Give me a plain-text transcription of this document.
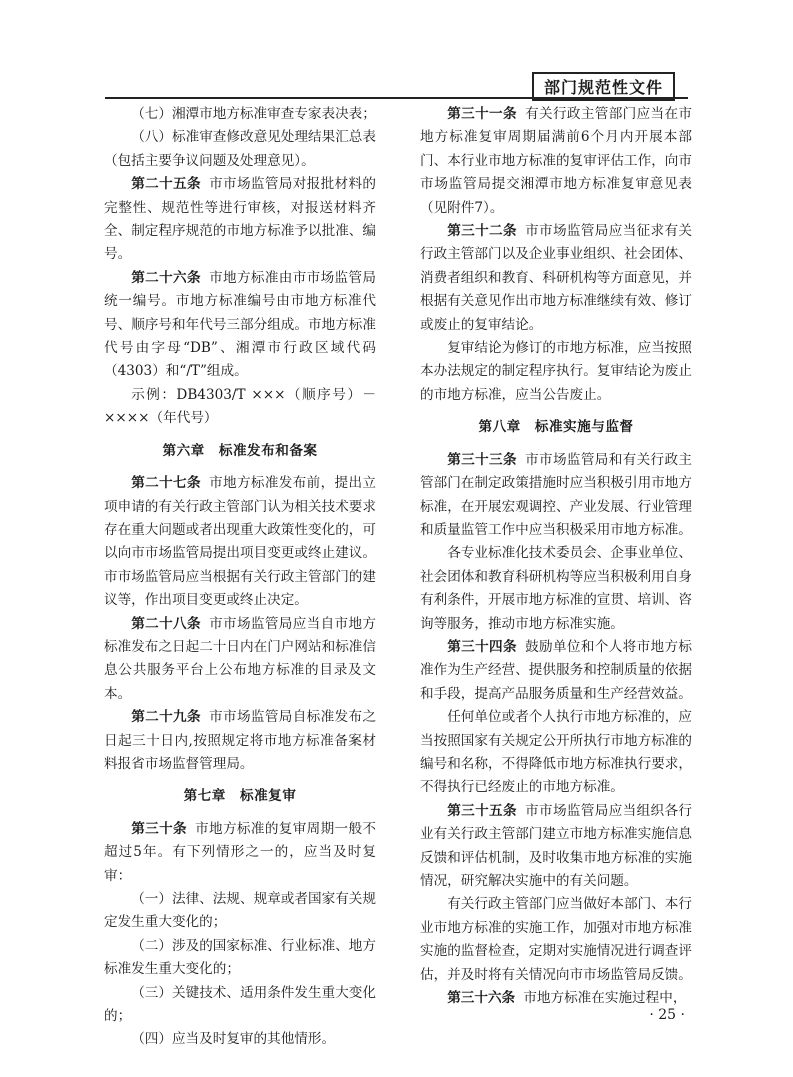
部门规范性文件

（七）湘潭市地方标准审查专家表决表；

（八）标准审查修改意见处理结果汇总表（包括主要争议问题及处理意见）。

第二十五条 市市场监管局对报批材料的完整性、规范性等进行审核，对报送材料齐全、制定程序规范的市地方标准予以批准、编号。

第二十六条 市地方标准由市市场监管局统一编号。市地方标准编号由市地方标准代号、顺序号和年代号三部分组成。市地方标准代号由字母“DB”、湘潭市行政区域代码（4303）和“/T”组成。

示例：DB4303/T ×××（顺序号）－××××（年代号）

第六章　标准发布和备案

第二十七条 市地方标准发布前，提出立项申请的有关行政主管部门认为相关技术要求存在重大问题或者出现重大政策性变化的，可以向市市场监管局提出项目变更或终止建议。市市场监管局应当根据有关行政主管部门的建议等，作出项目变更或终止决定。

第二十八条 市市场监管局应当自市地方标准发布之日起二十日内在门户网站和标准信息公共服务平台上公布地方标准的目录及文本。

第二十九条 市市场监管局自标准发布之日起三十日内,按照规定将市地方标准备案材料报省市场监督管理局。

第七章　标准复审

第三十条 市地方标准的复审周期一般不超过5年。有下列情形之一的，应当及时复审：

（一）法律、法规、规章或者国家有关规定发生重大变化的；

（二）涉及的国家标准、行业标准、地方标准发生重大变化的；

（三）关键技术、适用条件发生重大变化的；

（四）应当及时复审的其他情形。

第三十一条 有关行政主管部门应当在市地方标准复审周期届满前6个月内开展本部门、本行业市地方标准的复审评估工作，向市市场监管局提交湘潭市地方标准复审意见表（见附件7）。

第三十二条 市市场监管局应当征求有关行政主管部门以及企业事业组织、社会团体、消费者组织和教育、科研机构等方面意见，并根据有关意见作出市地方标准继续有效、修订或废止的复审结论。

复审结论为修订的市地方标准，应当按照本办法规定的制定程序执行。复审结论为废止的市地方标准，应当公告废止。

第八章　标准实施与监督

第三十三条 市市场监管局和有关行政主管部门在制定政策措施时应当积极引用市地方标准，在开展宏观调控、产业发展、行业管理和质量监管工作中应当积极采用市地方标准。

各专业标准化技术委员会、企事业单位、社会团体和教育科研机构等应当积极利用自身有利条件，开展市地方标准的宣贯、培训、咨询等服务，推动市地方标准实施。

第三十四条 鼓励单位和个人将市地方标准作为生产经营、提供服务和控制质量的依据和手段，提高产品服务质量和生产经营效益。

任何单位或者个人执行市地方标准的，应当按照国家有关规定公开所执行市地方标准的编号和名称，不得降低市地方标准执行要求，不得执行已经废止的市地方标准。

第三十五条 市市场监管局应当组织各行业有关行政主管部门建立市地方标准实施信息反馈和评估机制，及时收集市地方标准的实施情况，研究解决实施中的有关问题。

有关行政主管部门应当做好本部门、本行业市地方标准的实施工作，加强对市地方标准实施的监督检查，定期对实施情况进行调查评估，并及时将有关情况向市市场监管局反馈。

第三十六条 市地方标准在实施过程中，

· 25 ·
